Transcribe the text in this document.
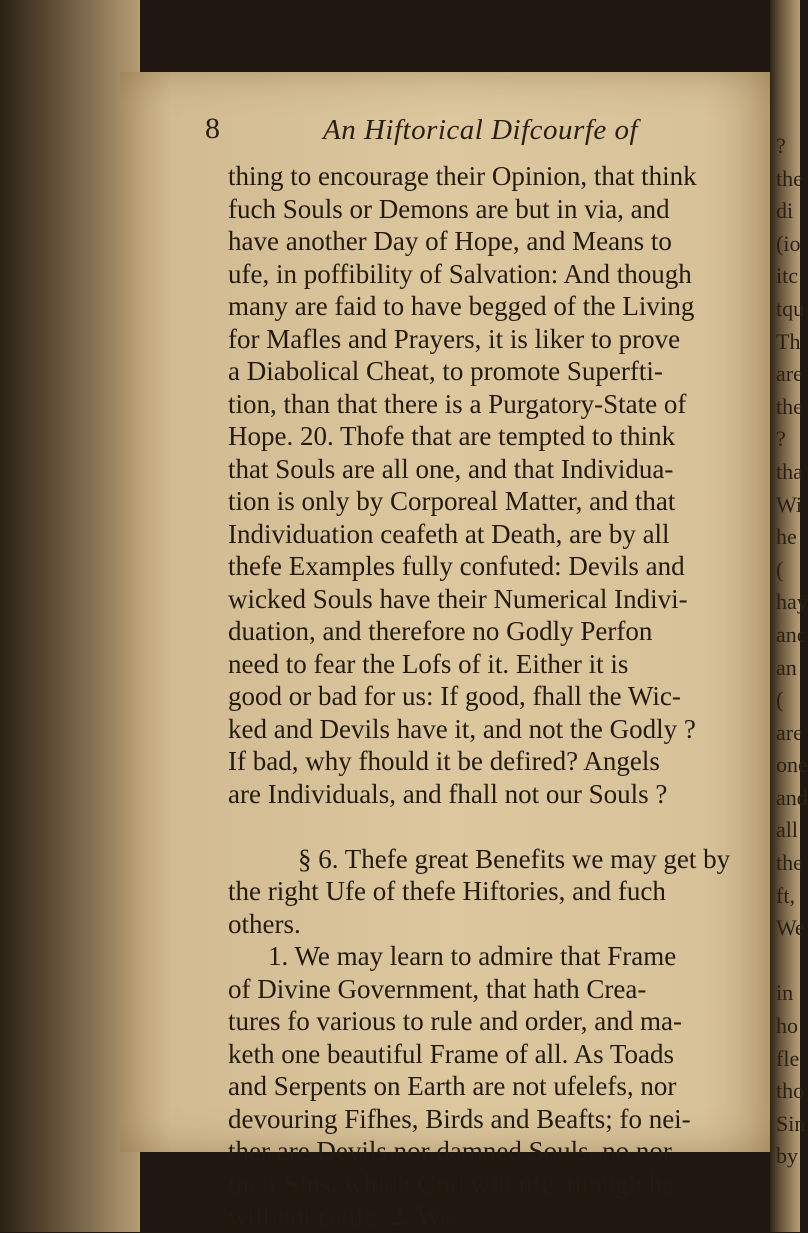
?
the
di
(io
itc
tqu
Th
are
the
?
tha
Wi
he
(
hay
anc
an
(
are
one
and
all
the
ft,
We
in
ho
fle
tho
Sin
by
8	An Hiftorical Difcourfe of
thing to encourage their Opinion, that think
fuch Souls or Demons are but in via, and
have another Day of Hope, and Means to
ufe, in poffibility of Salvation: And though
many are faid to have begged of the Living
for Mafles and Prayers, it is liker to prove
a Diabolical Cheat, to promote Superfti-
tion, than that there is a Purgatory-State of
Hope. 20. Thofe that are tempted to think
that Souls are all one, and that Individua-
tion is only by Corporeal Matter, and that
Individuation ceafeth at Death, are by all
thefe Examples fully confuted: Devils and
wicked Souls have their Numerical Indivi-
duation, and therefore no Godly Perfon
need to fear the Lofs of it. Either it is
good or bad for us: If good, fhall the Wic-
ked and Devils have it, and not the Godly ?
If bad, why fhould it be defired? Angels
are Individuals, and fhall not our Souls ?
§ 6. Thefe great Benefits we may get by
the right Ufe of thefe Hiftories, and fuch
others.
1. We may learn to admire that Frame
of Divine Government, that hath Crea-
tures fo various to rule and order, and ma-
keth one beautiful Frame of all. As Toads
and Serpents on Earth are not ufelefs, nor
devouring Fifhes, Birds and Beafts; fo nei-
ther are Devils nor damned Souls, no nor
their Sins, which God will ufe, though he
will not caufe. 2. We
